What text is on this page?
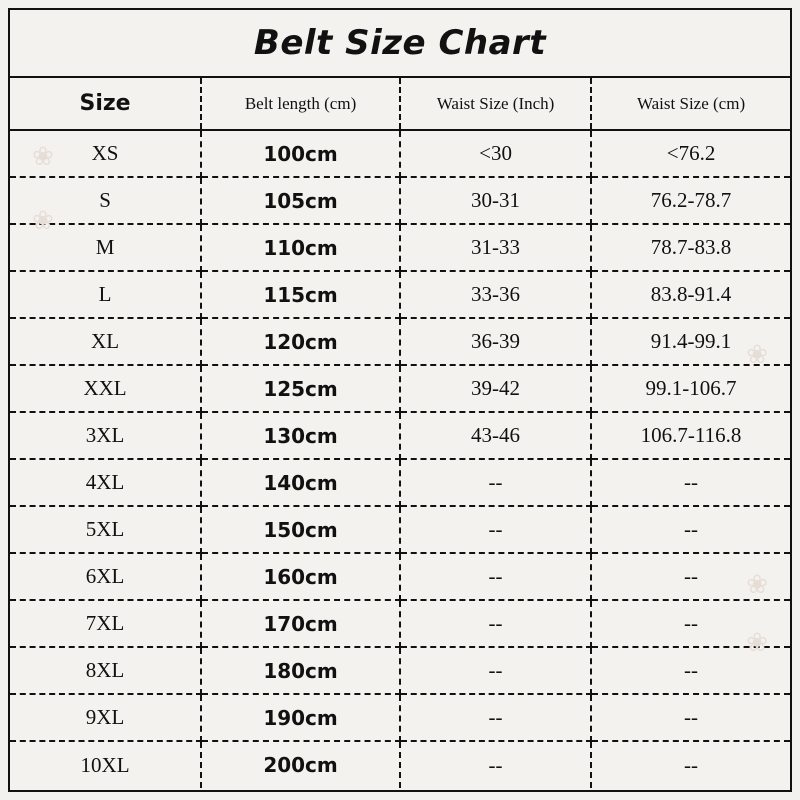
Belt Size Chart
Size	Belt length (cm)	Waist Size (Inch)	Waist Size (cm)
XS	100cm	<30	<76.2
S	105cm	30-31	76.2-78.7
M	110cm	31-33	78.7-83.8
L	115cm	33-36	83.8-91.4
XL	120cm	36-39	91.4-99.1
XXL	125cm	39-42	99.1-106.7
3XL	130cm	43-46	106.7-116.8
4XL	140cm	--	--
5XL	150cm	--	--
6XL	160cm	--	--
7XL	170cm	--	--
8XL	180cm	--	--
9XL	190cm	--	--
10XL	200cm	--	--
❀
❀
❀
❀
❀
